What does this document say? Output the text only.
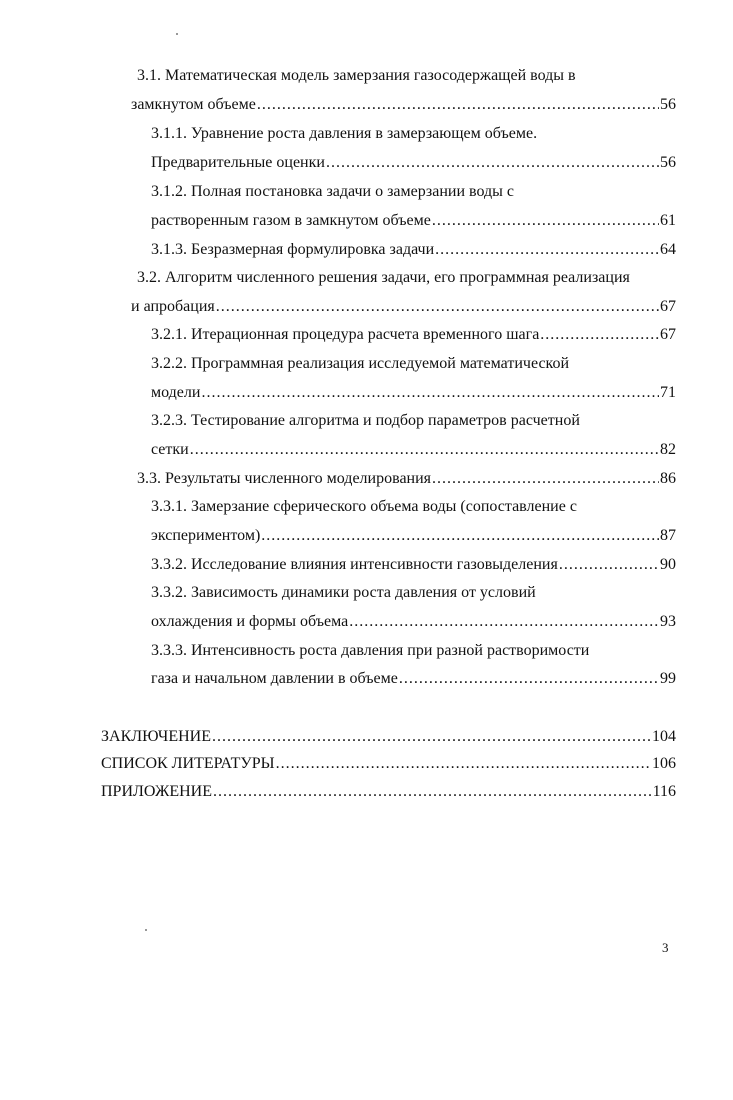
3.1. Математическая модель замерзания газосодержащей воды в
замкнутом объеме .....	56
3.1.1. Уравнение роста давления в замерзающем объеме.
Предварительные оценки .....	56
3.1.2. Полная постановка задачи о замерзании воды с
растворенным газом в замкнутом объеме .....	61
3.1.3. Безразмерная формулировка задачи .....	64
3.2. Алгоритм численного решения задачи, его программная реализация
и апробация .....	67
3.2.1. Итерационная процедура расчета временного шага .....	67
3.2.2. Программная реализация исследуемой математической
модели .....	71
3.2.3. Тестирование алгоритма и подбор параметров расчетной
сетки .....	82
3.3. Результаты численного моделирования .....	86
3.3.1. Замерзание сферического объема воды (сопоставление с
экспериментом) .....	87
3.3.2. Исследование влияния интенсивности газовыделения .....	90
3.3.2. Зависимость динамики роста давления от условий
охлаждения и формы объема .....	93
3.3.3. Интенсивность роста давления при разной растворимости
газа и начальном давлении в объеме .....	99
ЗАКЛЮЧЕНИЕ .....	104
СПИСОК ЛИТЕРАТУРЫ .....	106
ПРИЛОЖЕНИЕ .....	116
3
